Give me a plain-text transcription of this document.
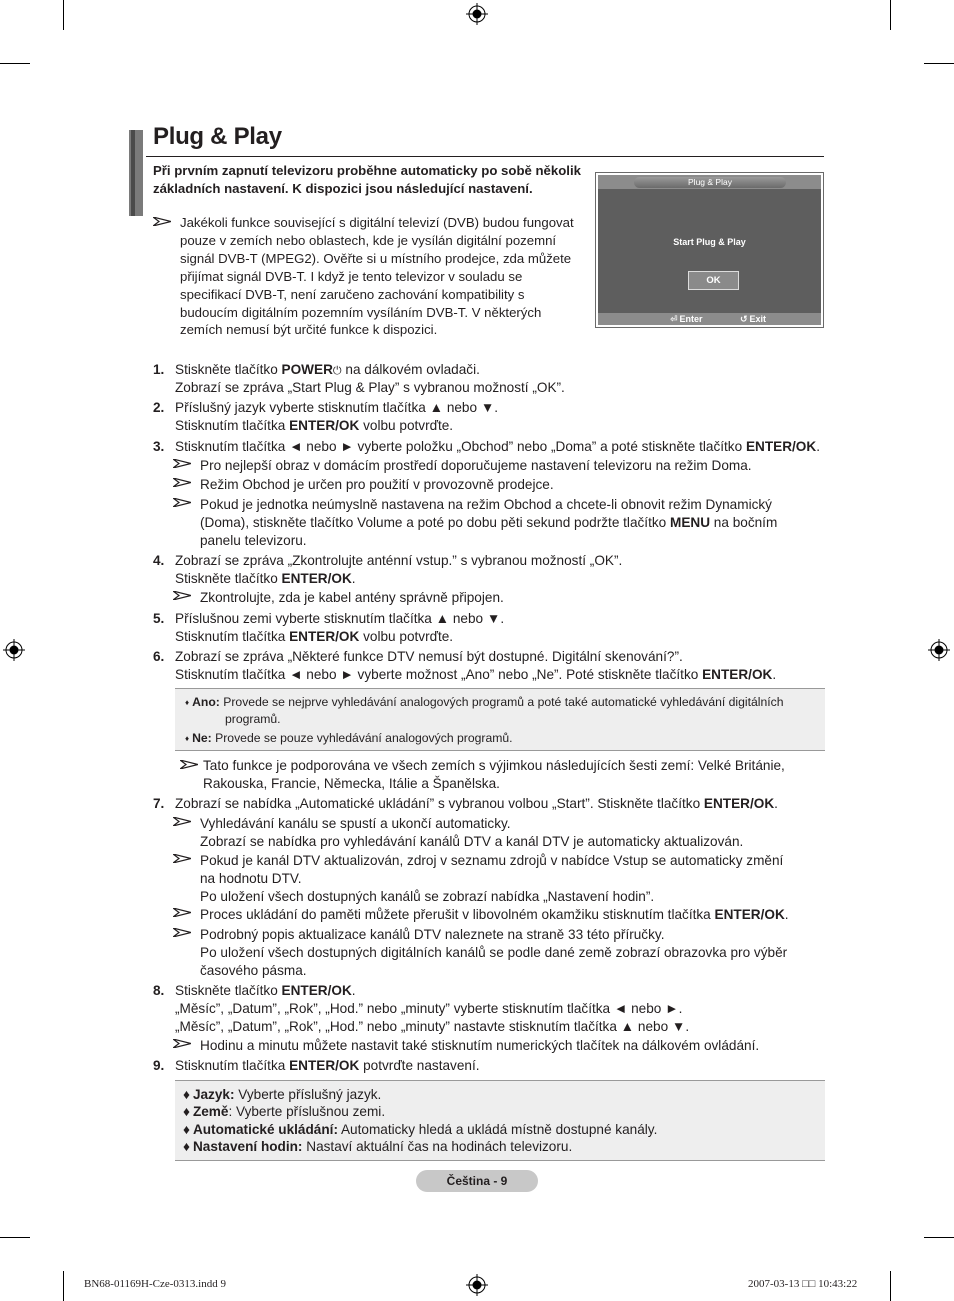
Plug & Play

Při prvním zapnutí televizoru proběhne automaticky po sobě několik základních nastavení. K dispozici jsou následující nastavení.

Jakékoli funkce související s digitální televizí (DVB) budou fungovat pouze v zemích nebo oblastech, kde je vysílán digitální pozemní signál DVB-T (MPEG2). Ověřte si u místního prodejce, zda můžete přijímat signál DVB-T. I když je tento televizor v souladu se specifikací DVB-T, není zaručeno zachování kompatibility s budoucím digitálním pozemním vysíláním DVB-T. V některých zemích nemusí být určité funkce k dispozici.

Plug & Play
Start Plug & Play
OK
⏎ Enter	↺ Exit
1. Stiskněte tlačítko POWER⏻ na dálkovém ovladači.
Zobrazí se zpráva „Start Plug & Play” s vybranou možností „OK”.
2. Příslušný jazyk vyberte stisknutím tlačítka ▲ nebo ▼.
Stisknutím tlačítka ENTER/OK volbu potvrďte.
3. Stisknutím tlačítka ◄ nebo ► vyberte položku „Obchod” nebo „Doma” a poté stiskněte tlačítko ENTER/OK.
Pro nejlepší obraz v domácím prostředí doporučujeme nastavení televizoru na režim Doma.
Režim Obchod je určen pro použití v provozovně prodejce.
Pokud je jednotka neúmyslně nastavena na režim Obchod a chcete-li obnovit režim Dynamický
(Doma), stiskněte tlačítko Volume a poté po dobu pěti sekund podržte tlačítko MENU na bočním
panelu televizoru.
4. Zobrazí se zpráva „Zkontrolujte anténní vstup.” s vybranou možností „OK”.
Stiskněte tlačítko ENTER/OK.
Zkontrolujte, zda je kabel antény správně připojen.
5. Příslušnou zemi vyberte stisknutím tlačítka ▲ nebo ▼.
Stisknutím tlačítka ENTER/OK volbu potvrďte.
6. Zobrazí se zpráva „Některé funkce DTV nemusí být dostupné. Digitální skenování?”.
Stisknutím tlačítka ◄ nebo ► vyberte možnost „Ano” nebo „Ne”. Poté stiskněte tlačítko ENTER/OK.
♦ Ano: Provede se nejprve vyhledávání analogových programů a poté také automatické vyhledávání digitálních
programů.
♦ Ne: Provede se pouze vyhledávání analogových programů.
Tato funkce je podporována ve všech zemích s výjimkou následujících šesti zemí: Velké Británie,
Rakouska, Francie, Německa, Itálie a Španělska.
7. Zobrazí se nabídka „Automatické ukládání” s vybranou volbou „Start”. Stiskněte tlačítko ENTER/OK.
Vyhledávání kanálu se spustí a ukončí automaticky.
Zobrazí se nabídka pro vyhledávání kanálů DTV a kanál DTV je automaticky aktualizován.
Pokud je kanál DTV aktualizován, zdroj v seznamu zdrojů v nabídce Vstup se automaticky změní
na hodnotu DTV.
Po uložení všech dostupných kanálů se zobrazí nabídka „Nastavení hodin”.
Proces ukládání do paměti můžete přerušit v libovolném okamžiku stisknutím tlačítka ENTER/OK.
Podrobný popis aktualizace kanálů DTV naleznete na straně 33 této příručky.
Po uložení všech dostupných digitálních kanálů se podle dané země zobrazí obrazovka pro výběr
časového pásma.
8. Stiskněte tlačítko ENTER/OK.
„Měsíc”, „Datum”, „Rok”, „Hod.” nebo „minuty” vyberte stisknutím tlačítka ◄ nebo ►.
„Měsíc”, „Datum”, „Rok”, „Hod.” nebo „minuty” nastavte stisknutím tlačítka ▲ nebo ▼.
Hodinu a minutu můžete nastavit také stisknutím numerických tlačítek na dálkovém ovládání.
9. Stisknutím tlačítka ENTER/OK potvrďte nastavení.
♦ Jazyk: Vyberte příslušný jazyk.
♦ Země: Vyberte příslušnou zemi.
♦ Automatické ukládání: Automaticky hledá a ukládá místně dostupné kanály.
♦ Nastavení hodin: Nastaví aktuální čas na hodinách televizoru.
Čeština - 9
BN68-01169H-Cze-0313.indd 9	2007-03-13 □□ 10:43:22
